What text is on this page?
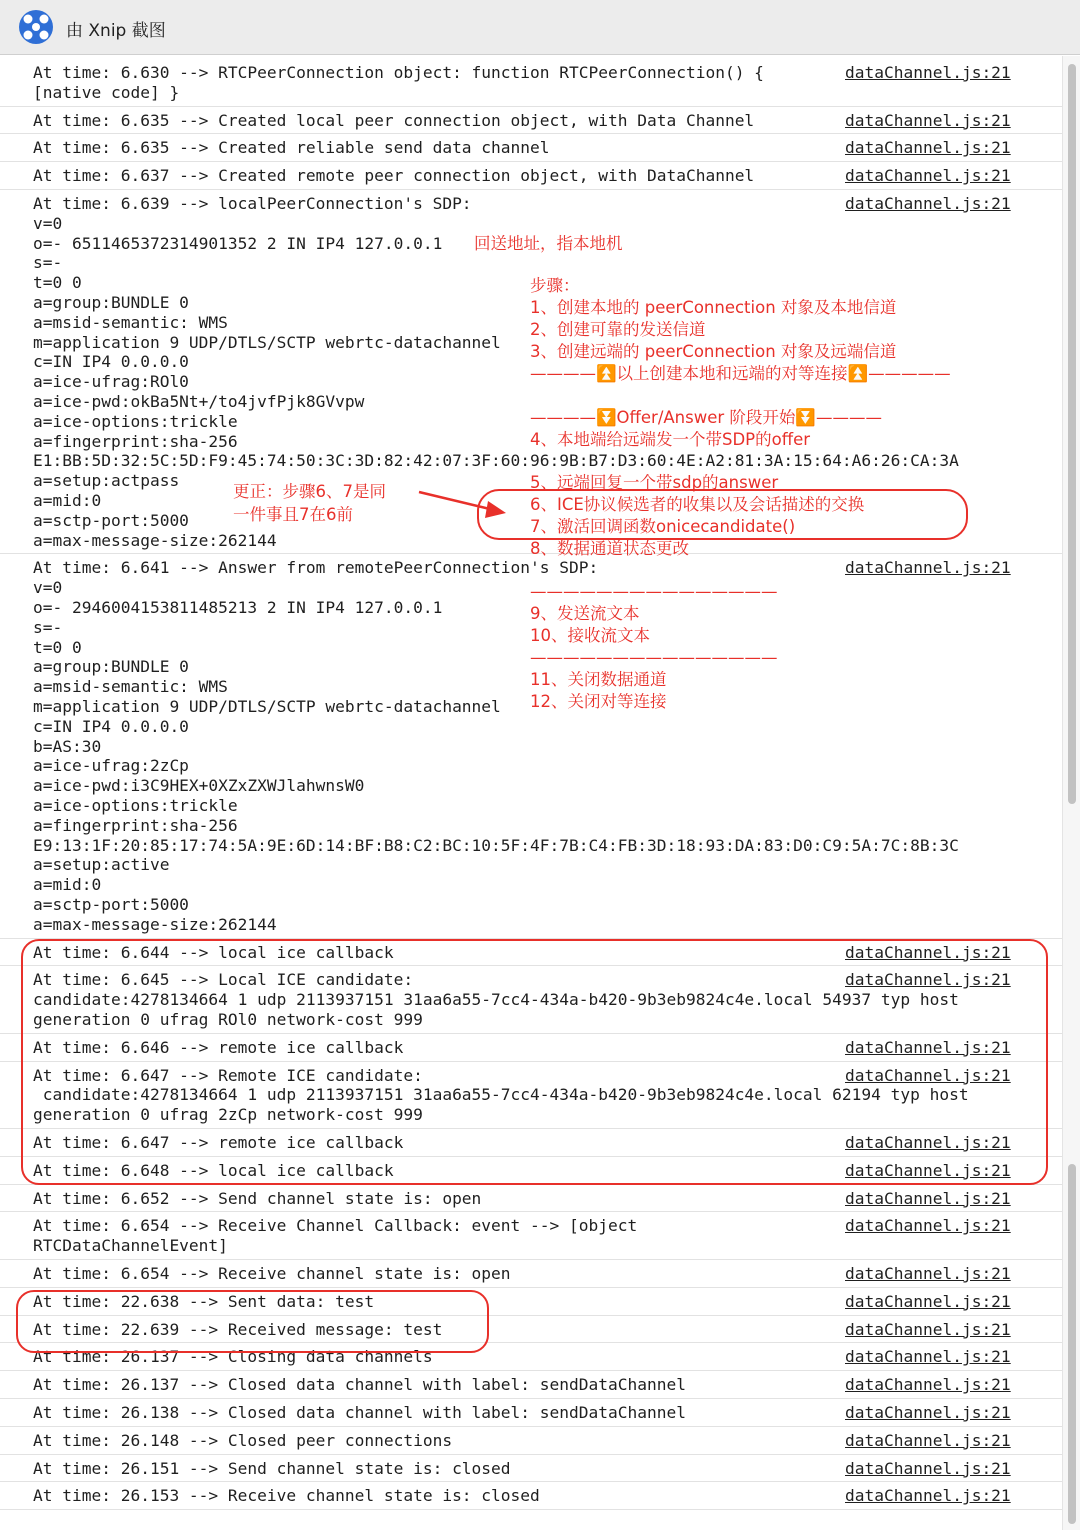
由 Xnip 截图
At time: 6.630 --> RTCPeerConnection object: function RTCPeerConnection() {
[native code] }
dataChannel.js:21
At time: 6.635 --> Created local peer connection object, with Data Channel	dataChannel.js:21
At time: 6.635 --> Created reliable send data channel	dataChannel.js:21
At time: 6.637 --> Created remote peer connection object, with DataChannel	dataChannel.js:21
At time: 6.639 --> localPeerConnection's SDP:
v=0
o=- 6511465372314901352 2 IN IP4 127.0.0.1
s=-
t=0 0
a=group:BUNDLE 0
a=msid-semantic: WMS
m=application 9 UDP/DTLS/SCTP webrtc-datachannel
c=IN IP4 0.0.0.0
a=ice-ufrag:ROl0
a=ice-pwd:okBa5Nt+/to4jvfPjk8GVvpw
a=ice-options:trickle
a=fingerprint:sha-256
E1:BB:5D:32:5C:5D:F9:45:74:50:3C:3D:82:42:07:3F:60:96:9B:B7:D3:60:4E:A2:81:3A:15:64:A6:26:CA:3A
a=setup:actpass
a=mid:0
a=sctp-port:5000
a=max-message-size:262144
dataChannel.js:21
At time: 6.641 --> Answer from remotePeerConnection's SDP:
v=0
o=- 2946004153811485213 2 IN IP4 127.0.0.1
s=-
t=0 0
a=group:BUNDLE 0
a=msid-semantic: WMS
m=application 9 UDP/DTLS/SCTP webrtc-datachannel
c=IN IP4 0.0.0.0
b=AS:30
a=ice-ufrag:2zCp
a=ice-pwd:i3C9HEX+0XZxZXWJlahwnsW0
a=ice-options:trickle
a=fingerprint:sha-256
E9:13:1F:20:85:17:74:5A:9E:6D:14:BF:B8:C2:BC:10:5F:4F:7B:C4:FB:3D:18:93:DA:83:D0:C9:5A:7C:8B:3C
a=setup:active
a=mid:0
a=sctp-port:5000
a=max-message-size:262144
dataChannel.js:21
At time: 6.644 --> local ice callback	dataChannel.js:21
At time: 6.645 --> Local ICE candidate:
candidate:4278134664 1 udp 2113937151 31aa6a55-7cc4-434a-b420-9b3eb9824c4e.local 54937 typ host
generation 0 ufrag ROl0 network-cost 999
dataChannel.js:21
At time: 6.646 --> remote ice callback	dataChannel.js:21
At time: 6.647 --> Remote ICE candidate:
candidate:4278134664 1 udp 2113937151 31aa6a55-7cc4-434a-b420-9b3eb9824c4e.local 62194 typ host
generation 0 ufrag 2zCp network-cost 999
dataChannel.js:21
At time: 6.647 --> remote ice callback	dataChannel.js:21
At time: 6.648 --> local ice callback	dataChannel.js:21
At time: 6.652 --> Send channel state is: open	dataChannel.js:21
At time: 6.654 --> Receive Channel Callback: event --> [object
RTCDataChannelEvent]
dataChannel.js:21
At time: 6.654 --> Receive channel state is: open	dataChannel.js:21
At time: 22.638 --> Sent data: test	dataChannel.js:21
At time: 22.639 --> Received message: test	dataChannel.js:21
At time: 26.137 --> Closing data channels	dataChannel.js:21
At time: 26.137 --> Closed data channel with label: sendDataChannel	dataChannel.js:21
At time: 26.138 --> Closed data channel with label: sendDataChannel	dataChannel.js:21
At time: 26.148 --> Closed peer connections	dataChannel.js:21
At time: 26.151 --> Send channel state is: closed	dataChannel.js:21
At time: 26.153 --> Receive channel state is: closed	dataChannel.js:21
回送地址，指本地机
步骤：
1、创建本地的 peerConnection 对象及本地信道
2、创建可靠的发送信道
3、创建远端的 peerConnection 对象及远端信道
————⏫以上创建本地和远端的对等连接⏫—————
————⏬Offer/Answer 阶段开始⏬————
4、本地端给远端发一个带SDP的offer
5、远端回复一个带sdp的answer
6、ICE协议候选者的收集以及会话描述的交换
7、激活回调函数onicecandidate()
8、数据通道状态更改
———————————————
9、发送流文本
10、接收流文本
———————————————
11、关闭数据通道
12、关闭对等连接
更正：步骤6、7是同
一件事且7在6前
